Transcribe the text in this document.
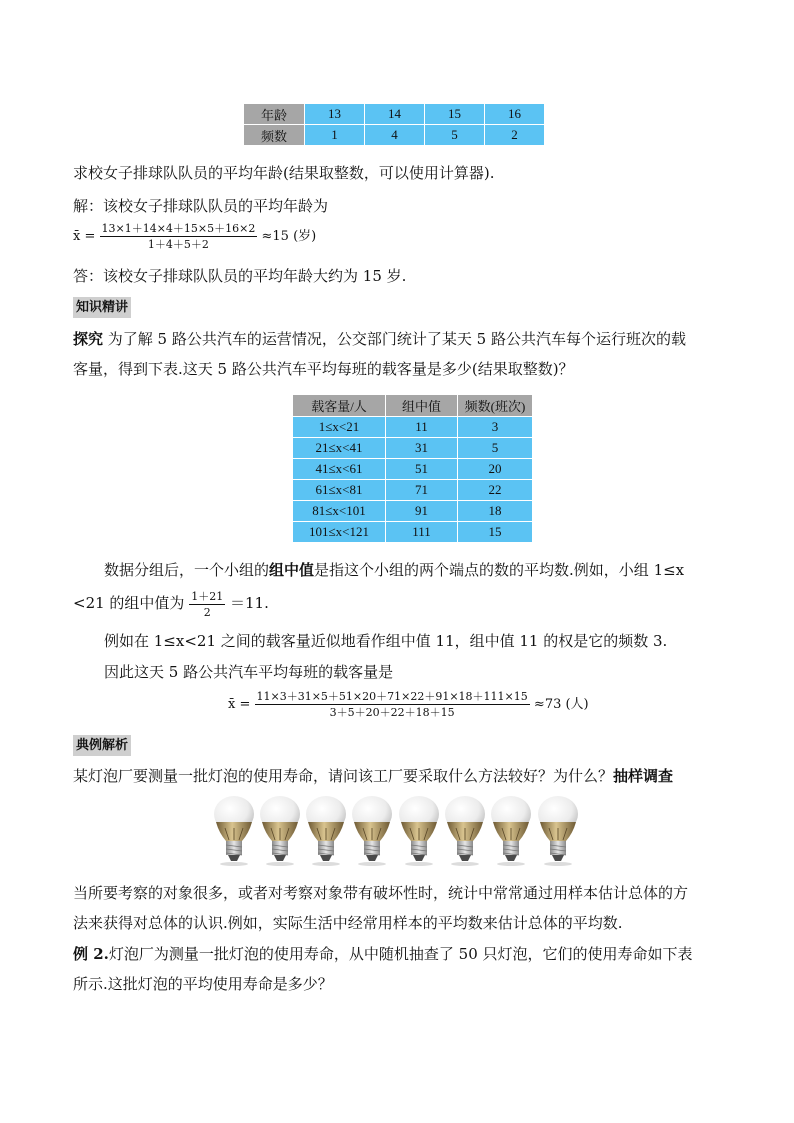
年龄	13	14	15	16
频数	1	4	5	2
求校女子排球队队员的平均年龄(结果取整数，可以使用计算器).
解：该校女子排球队队员的平均年龄为
x̄ = $\frac{13\times 1+14\times 4+15\times 5+16\times 2}{1+4+5+2} \approx 15$ (岁)
答：该校女子排球队队员的平均年龄大约为 15 岁.
知识精讲
探究 为了解 5 路公共汽车的运营情况，公交部门统计了某天 5 路公共汽车每个运行班次的载
客量，得到下表.这天 5 路公共汽车平均每班的载客量是多少(结果取整数)？
载客量/人	组中值	频数(班次)
1≤x<21	11	3
21≤x<41	31	5
41≤x<61	51	20
61≤x<81	71	22
81≤x<101	91	18
101≤x<121	111	15
数据分组后，一个小组的组中值是指这个小组的两个端点的数的平均数.例如，小组 1≤x
<21 的组中值为 $\frac{1+21}{2} =11$.
例如在 1≤x<21 之间的载客量近似地看作组中值 11，组中值 11 的权是它的频数 3.
因此这天 5 路公共汽车平均每班的载客量是
x̄ = $\frac{11\times 3+31\times 5+51\times 20+71\times 22+91\times 18+111\times 15}{3+5+20+22+18+15} \approx 73$ (人)
典例解析
某灯泡厂要测量一批灯泡的使用寿命，请问该工厂要采取什么方法较好？为什么？抽样调查
当所要考察的对象很多，或者对考察对象带有破坏性时，统计中常常通过用样本估计总体的方
法来获得对总体的认识.例如，实际生活中经常用样本的平均数来估计总体的平均数.
例 2.灯泡厂为测量一批灯泡的使用寿命，从中随机抽查了 50 只灯泡，它们的使用寿命如下表
所示.这批灯泡的平均使用寿命是多少？
